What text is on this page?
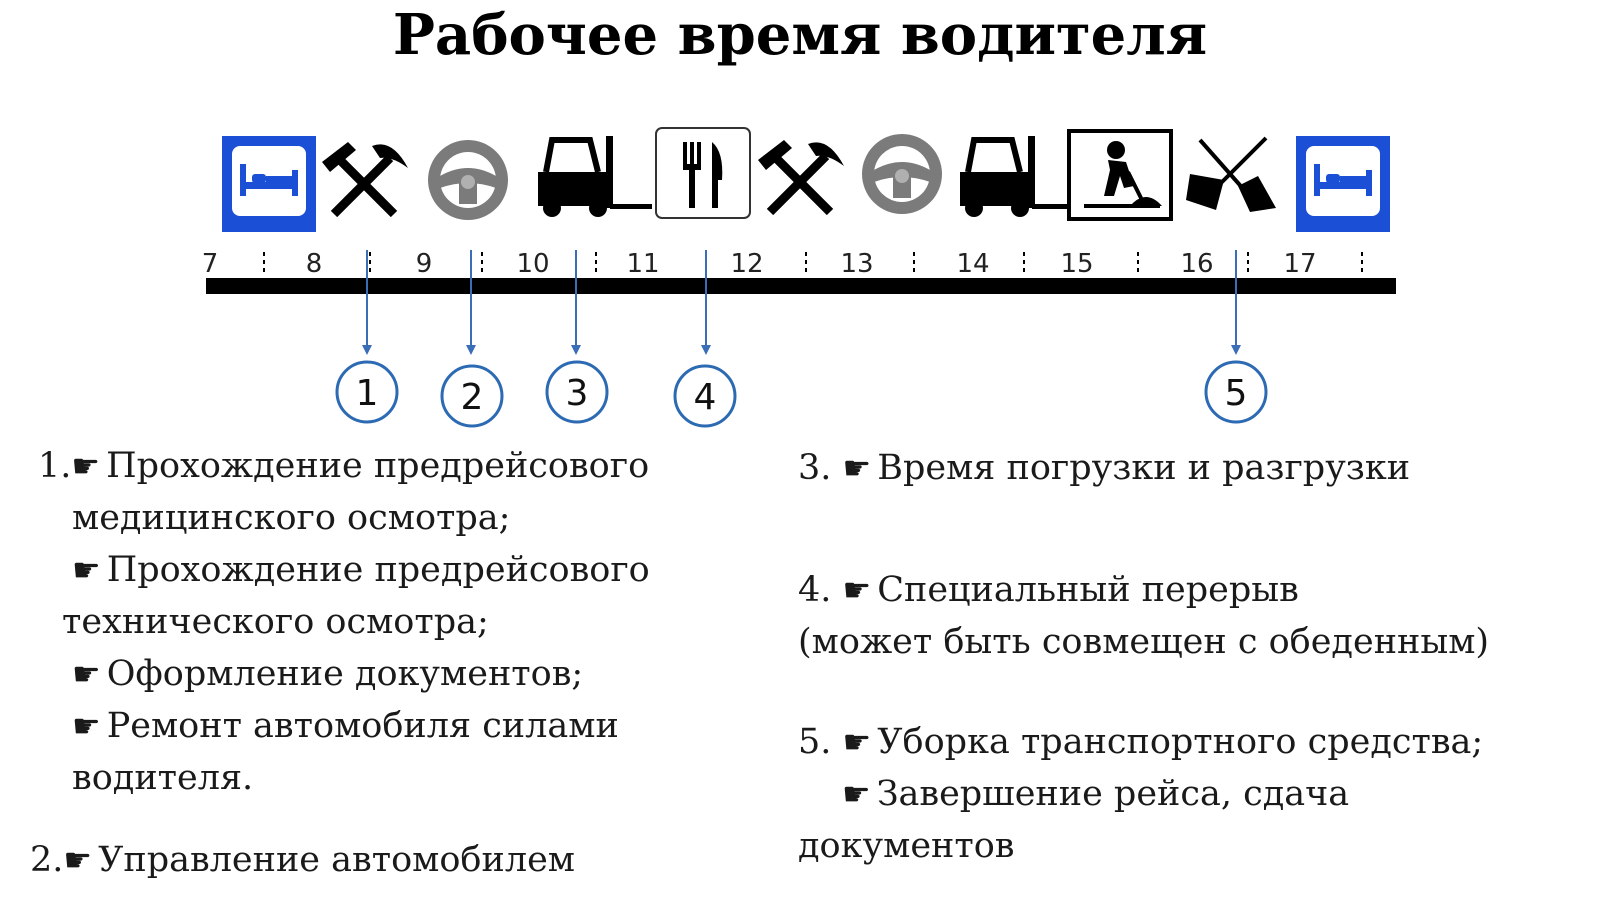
Рабочее время водителя
7	8	9	10	11	12	13	14	15	16	17
1 2 3	4	5
1.☛ Прохождение предрейсового
медицинского осмотра;
☛ Прохождение предрейсового
технического осмотра;
☛ Оформление документов;
☛ Ремонт автомобиля силами
водителя.
2.☛ Управление автомобилем
3. ☛ Время погрузки и разгрузки
4. ☛ Специальный перерыв
(может быть совмещен с обеденным)
5. ☛ Уборка транспортного средства;
☛ Завершение рейса, сдача
документов
